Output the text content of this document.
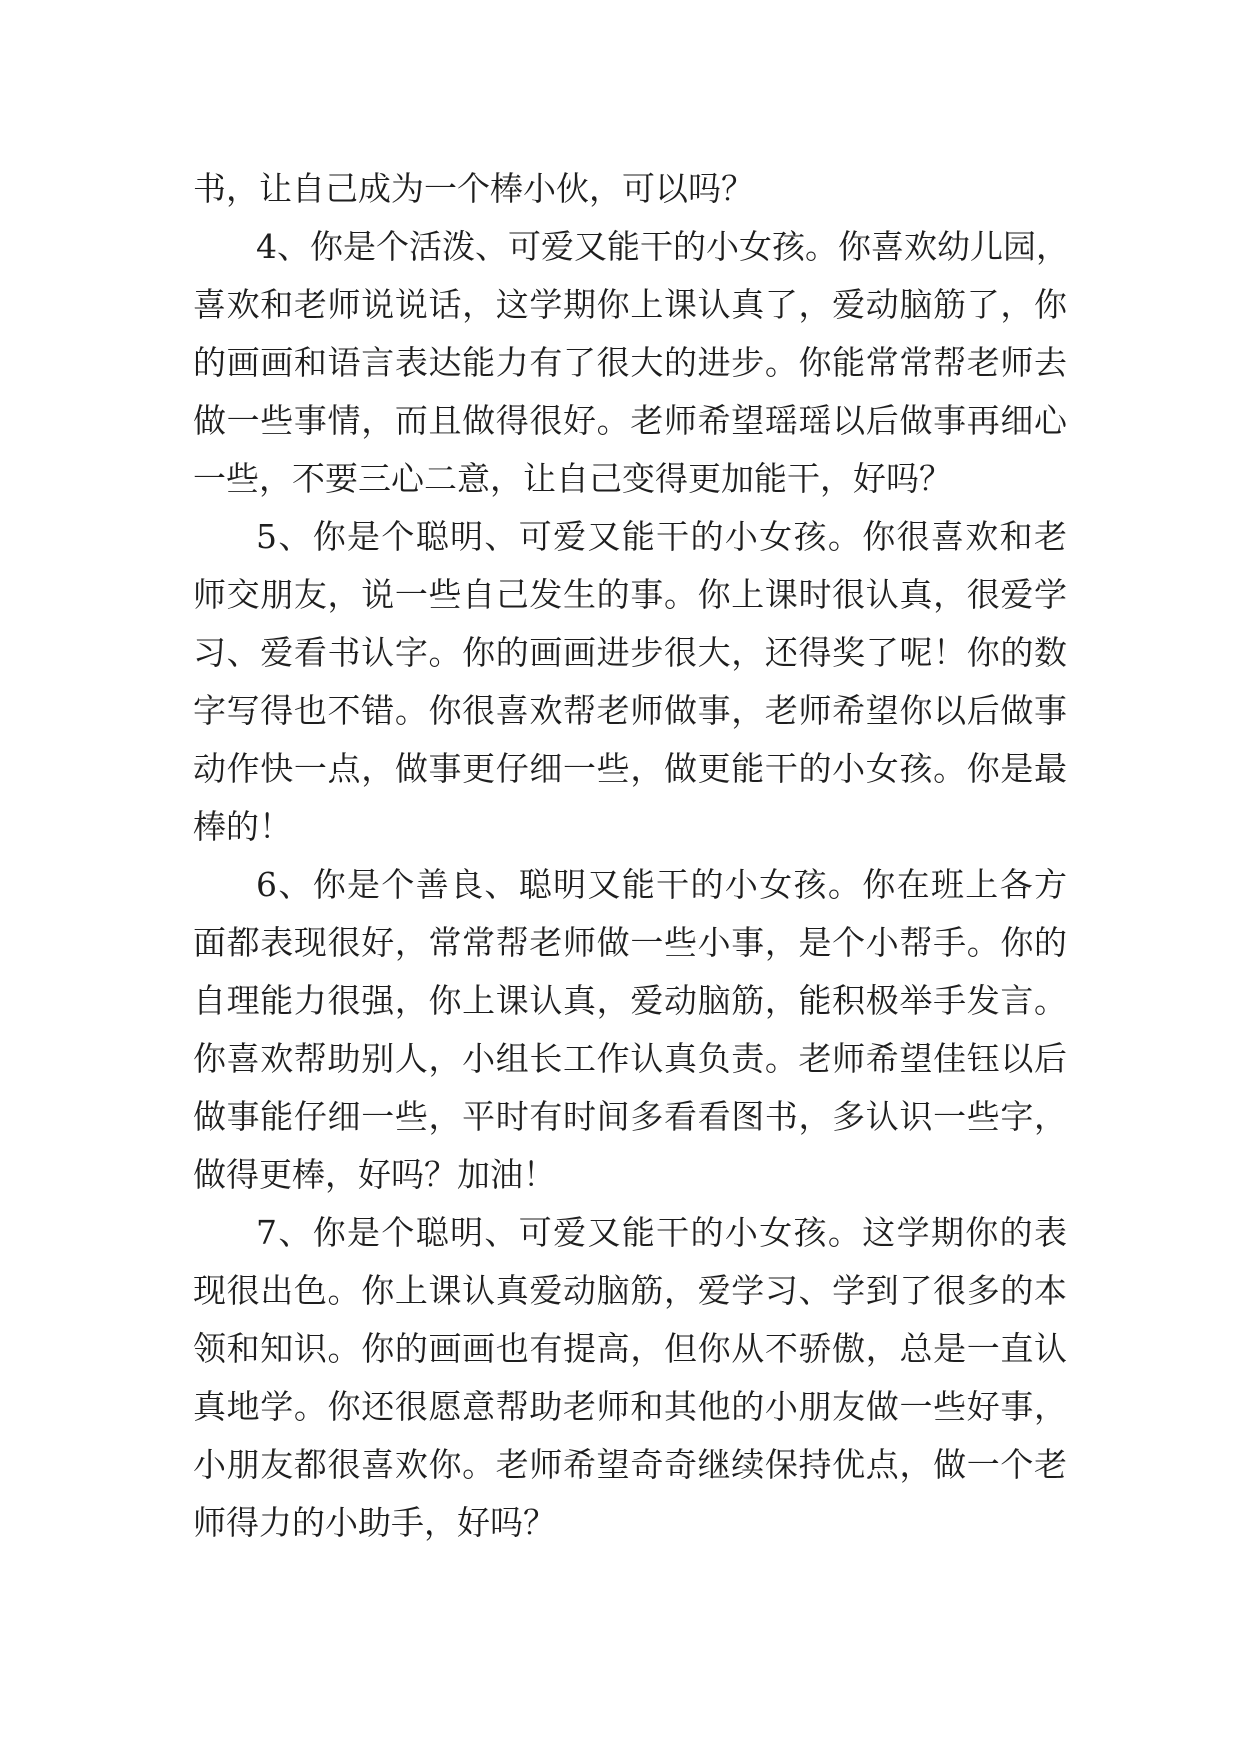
书，让自己成为一个棒小伙，可以吗？
4、你是个活泼、可爱又能干的小女孩。你喜欢幼儿园，
喜欢和老师说说话，这学期你上课认真了，爱动脑筋了，你
的画画和语言表达能力有了很大的进步。你能常常帮老师去
做一些事情，而且做得很好。老师希望瑶瑶以后做事再细心
一些，不要三心二意，让自己变得更加能干，好吗？
5、你是个聪明、可爱又能干的小女孩。你很喜欢和老
师交朋友，说一些自己发生的事。你上课时很认真，很爱学
习、爱看书认字。你的画画进步很大，还得奖了呢！你的数
字写得也不错。你很喜欢帮老师做事，老师希望你以后做事
动作快一点，做事更仔细一些，做更能干的小女孩。你是最
棒的！
6、你是个善良、聪明又能干的小女孩。你在班上各方
面都表现很好，常常帮老师做一些小事，是个小帮手。你的
自理能力很强，你上课认真，爱动脑筋，能积极举手发言。
你喜欢帮助别人，小组长工作认真负责。老师希望佳钰以后
做事能仔细一些，平时有时间多看看图书，多认识一些字，
做得更棒，好吗？加油！
7、你是个聪明、可爱又能干的小女孩。这学期你的表
现很出色。你上课认真爱动脑筋，爱学习、学到了很多的本
领和知识。你的画画也有提高，但你从不骄傲，总是一直认
真地学。你还很愿意帮助老师和其他的小朋友做一些好事，
小朋友都很喜欢你。老师希望奇奇继续保持优点，做一个老
师得力的小助手，好吗？
